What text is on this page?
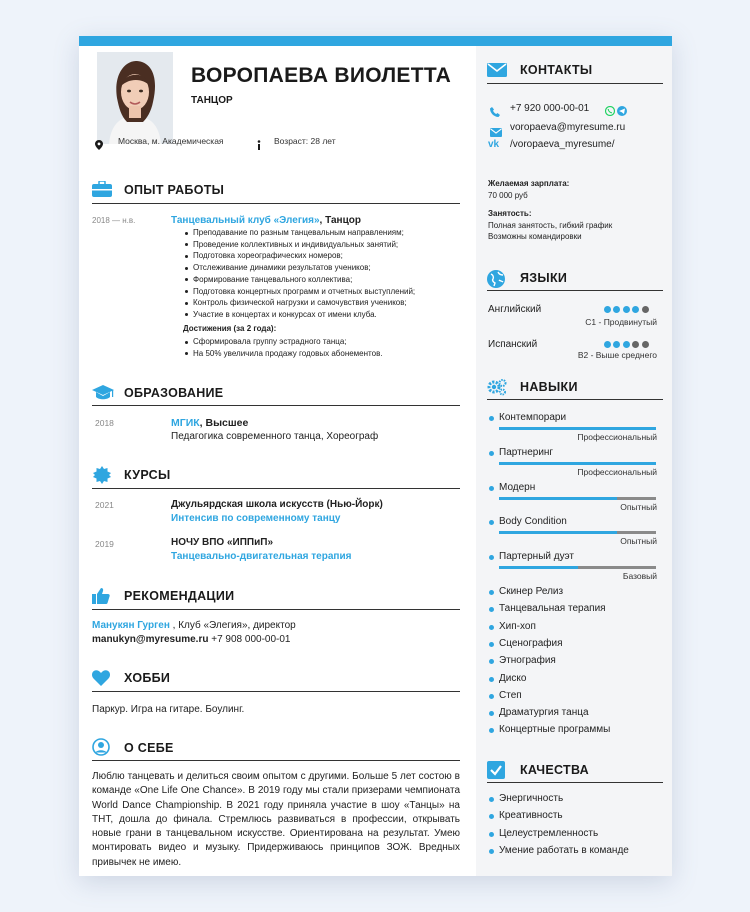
ВОРОПАЕВА ВИОЛЕТТА
ТАНЦОР
Москва, м. Академическая	Возраст: 28 лет
ОПЫТ РАБОТЫ
2018 — н.в.	Танцевальный клуб «Элегия», Танцор
Преподавание по разным танцевальным направлениям;
Проведение коллективных и индивидуальных занятий;
Подготовка хореографических номеров;
Отслеживание динамики результатов учеников;
Формирование танцевального коллектива;
Подготовка концертных программ и отчетных выступлений;
Контроль физической нагрузки и самочувствия учеников;
Участие в концертах и конкурсах от имени клуба.
Достижения (за 2 года):
Сформировала группу эстрадного танца;
На 50% увеличила продажу годовых абонементов.
ОБРАЗОВАНИЕ
2018	МГИК, Высшее
Педагогика современного танца, Хореограф
КУРСЫ
2021	Джульярдская школа искусств (Нью-Йорк)
Интенсив по современному танцу
2019	НОЧУ ВПО «ИППиП»
Танцевально-двигательная терапия
РЕКОМЕНДАЦИИ
Манукян Гурген , Клуб «Элегия», директор
manukyn@myresume.ru +7 908 000-00-01
ХОББИ
Паркур. Игра на гитаре. Боулинг.
О СЕБЕ
Люблю танцевать и делиться своим опытом с другими. Больше 5 лет состою в команде «One Life One Chance». В 2019 году мы стали призерами чемпионата World Dance Championship. В 2021 году приняла участие в шоу «Танцы» на ТНТ, дошла до финала. Стремлюсь развиваться в профессии, открывать новые грани в танцевальном искусстве. Ориентирована на результат. Умею монтировать видео и музыку. Придерживаюсь принципов ЗОЖ. Вредных привычек не имею.
КОНТАКТЫ
+7 920 000-00-01
voropaeva@myresume.ru
vk /voropaeva_myresume/
Желаемая зарплата:
70 000 руб
Занятость:
Полная занятость, гибкий график
Возможны командировки
ЯЗЫКИ
Английский
C1 - Продвинутый
Испанский
B2 - Выше среднего
НАВЫКИ
Контемпорари
Профессиональный
Партнеринг
Профессиональный
Модерн
Опытный
Body Condition
Опытный
Партерный дуэт
Базовый
Скинер Релиз
Танцевальная терапия
Хип-хоп
Сценография
Этнография
Диско
Степ
Драматургия танца
Концертные программы
КАЧЕСТВА
Энергичность
Креативность
Целеустремленность
Умение работать в команде
